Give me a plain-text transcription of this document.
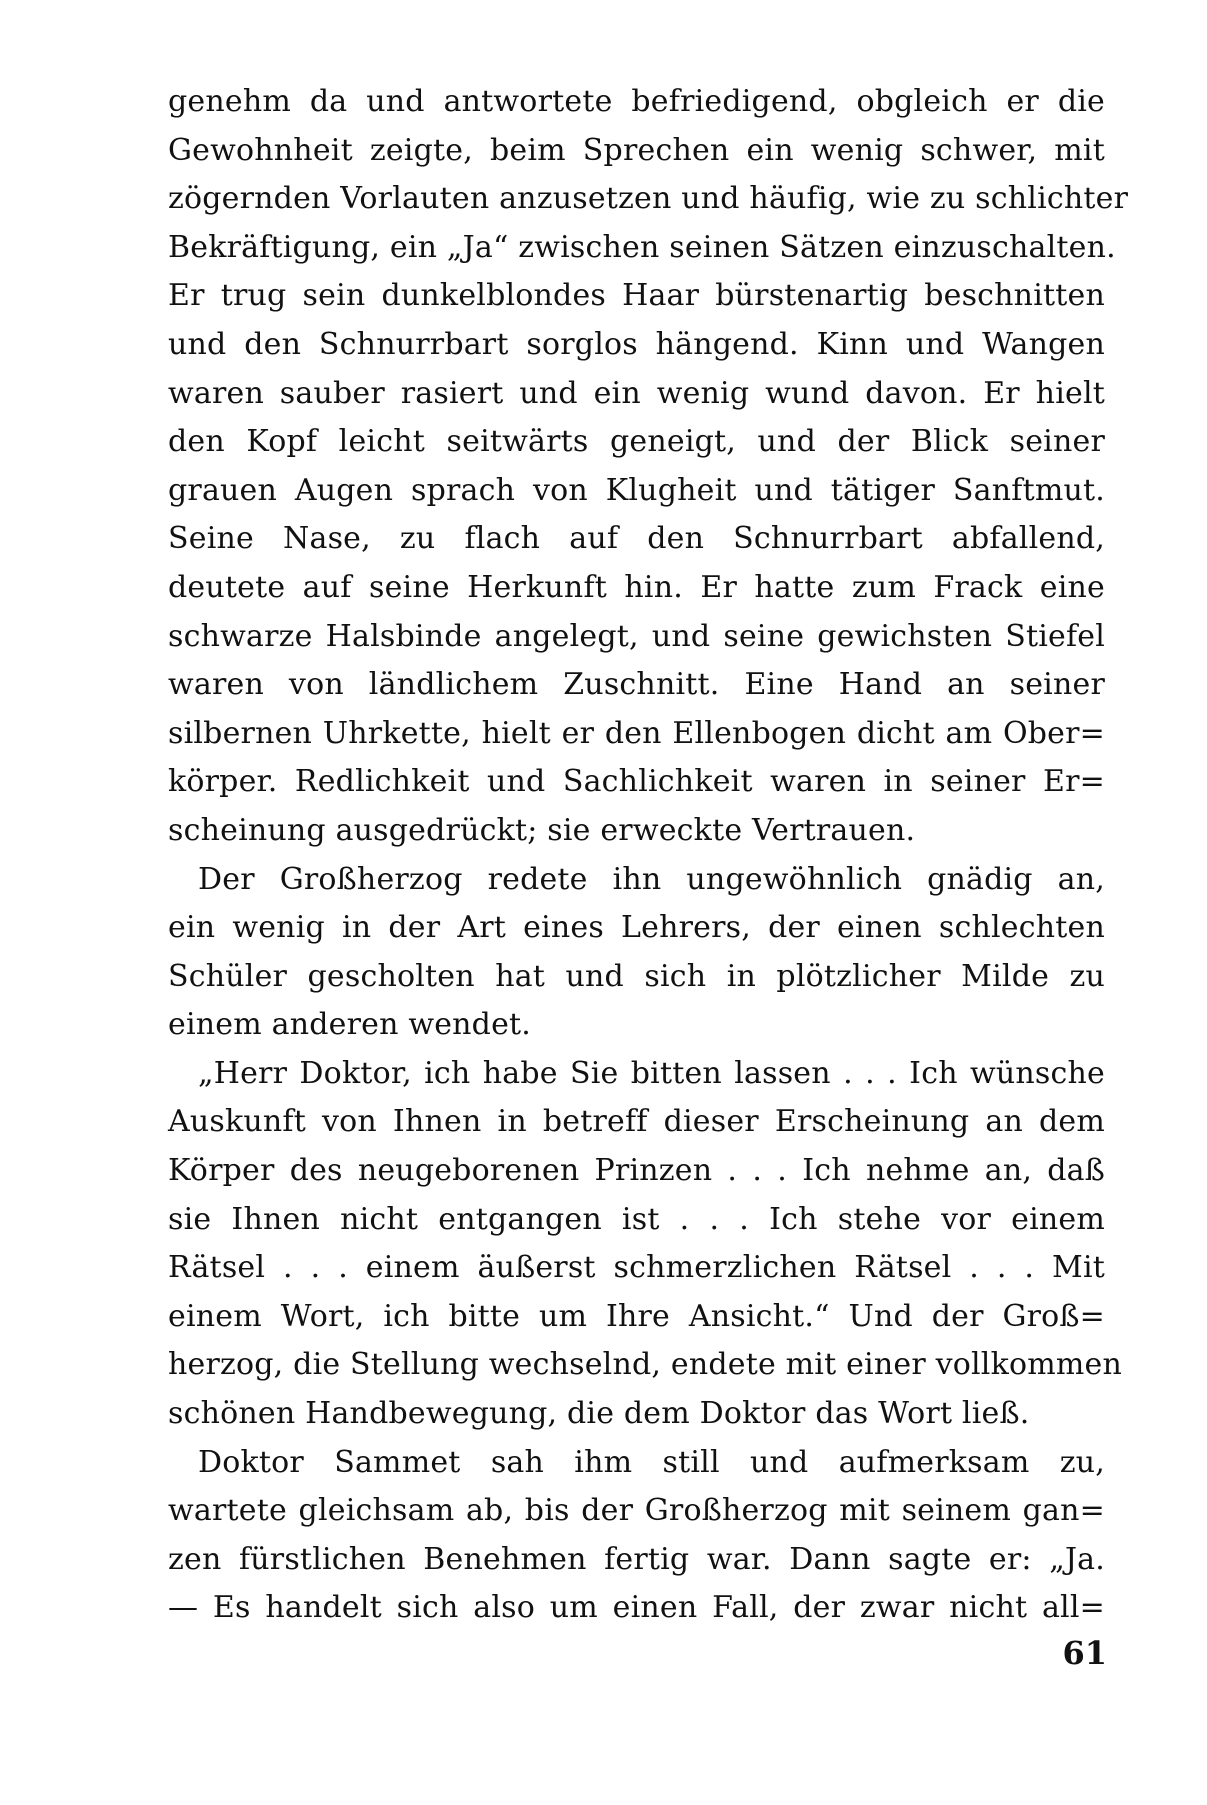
genehm da und antwortete befriedigend, obgleich er die
Gewohnheit zeigte, beim Sprechen ein wenig schwer, mit
zögernden Vorlauten anzusetzen und häufig, wie zu schlichter
Bekräftigung, ein „Ja“ zwischen seinen Sätzen einzuschalten.
Er trug sein dunkelblondes Haar bürstenartig beschnitten
und den Schnurrbart sorglos hängend. Kinn und Wangen
waren sauber rasiert und ein wenig wund davon. Er hielt
den Kopf leicht seitwärts geneigt, und der Blick seiner
grauen Augen sprach von Klugheit und tätiger Sanftmut.
Seine Nase, zu flach auf den Schnurrbart abfallend,
deutete auf seine Herkunft hin. Er hatte zum Frack eine
schwarze Halsbinde angelegt, und seine gewichsten Stiefel
waren von ländlichem Zuschnitt. Eine Hand an seiner
silbernen Uhrkette, hielt er den Ellenbogen dicht am Ober=
körper. Redlichkeit und Sachlichkeit waren in seiner Er=
scheinung ausgedrückt; sie erweckte Vertrauen.
Der Großherzog redete ihn ungewöhnlich gnädig an,
ein wenig in der Art eines Lehrers, der einen schlechten
Schüler gescholten hat und sich in plötzlicher Milde zu
einem anderen wendet.
„Herr Doktor, ich habe Sie bitten lassen . . . Ich wünsche
Auskunft von Ihnen in betreff dieser Erscheinung an dem
Körper des neugeborenen Prinzen . . . Ich nehme an, daß
sie Ihnen nicht entgangen ist . . . Ich stehe vor einem
Rätsel . . . einem äußerst schmerzlichen Rätsel . . . Mit
einem Wort, ich bitte um Ihre Ansicht.“ Und der Groß=
herzog, die Stellung wechselnd, endete mit einer vollkommen
schönen Handbewegung, die dem Doktor das Wort ließ.
Doktor Sammet sah ihm still und aufmerksam zu,
wartete gleichsam ab, bis der Großherzog mit seinem gan=
zen fürstlichen Benehmen fertig war. Dann sagte er: „Ja.
— Es handelt sich also um einen Fall, der zwar nicht all=
61
